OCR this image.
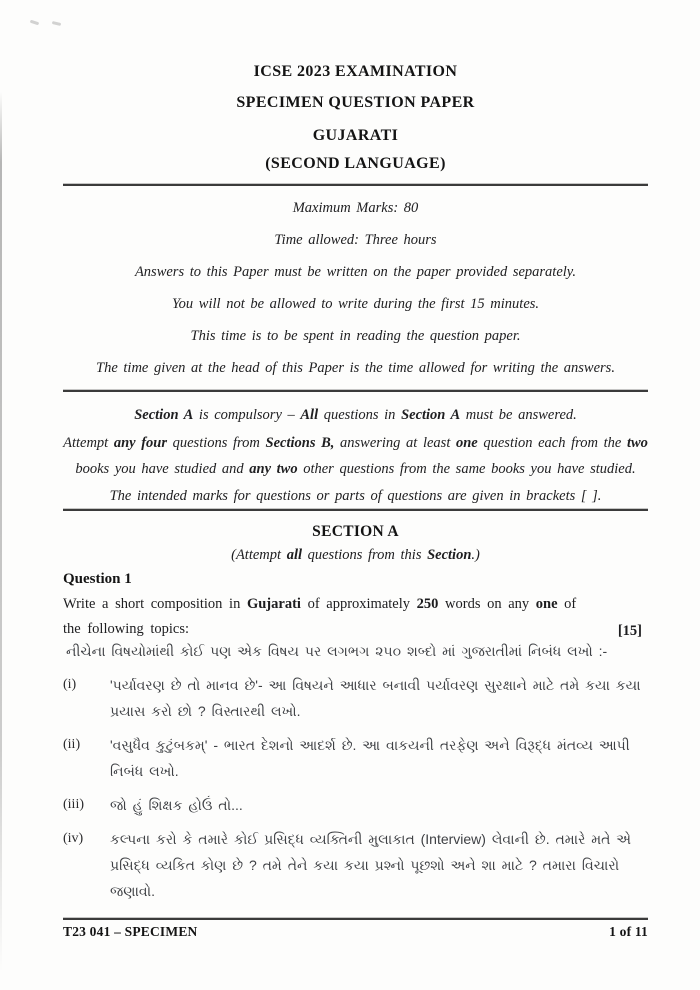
ICSE 2023 EXAMINATION
SPECIMEN QUESTION PAPER
GUJARATI
(SECOND LANGUAGE)

Maximum Marks: 80

Time allowed: Three hours

Answers to this Paper must be written on the paper provided separately.

You will not be allowed to write during the first 15 minutes.

This time is to be spent in reading the question paper.

The time given at the head of this Paper is the time allowed for writing the answers.

Section A is compulsory – All questions in Section A must be answered.

Attempt any four questions from Sections B, answering at least one question each from the two books you have studied and any two other questions from the same books you have studied.

The intended marks for questions or parts of questions are given in brackets [ ].

SECTION A
(Attempt all questions from this Section.)
Question 1

Write a short composition in Gujarati of approximately 250 words on any one of the following topics:	[15]

નીચેના વિષયોમાંથી કોઈ પણ એક વિષય પર લગભગ ૨૫૦ શબ્દો માં ગુજરાતીમાં નિબંધ લખો :-

(i) 'પર્યાવરણ છે તો માનવ છે'- આ વિષયને આધાર બનાવી પર્યાવરણ સુરક્ષાને માટે તમે કયા કયા પ્રયાસ કરો છો ? વિસ્તારથી લખો.
(ii) 'વસુધૈવ કુટુંબકમ્' - ભારત દેશનો આદર્શ છે. આ વાકયની તરફેણ અને વિરૂદ્ધ મંતવ્ય આપી નિબંધ લખો.
(iii) જો હું શિક્ષક હોઉં તો...
(iv) કલ્પના કરો કે તમારે કોઈ પ્રસિદ્ધ વ્યક્તિની મુલાકાત (Interview) લેવાની છે. તમારે મતે એ પ્રસિદ્ધ વ્યકિત કોણ છે ? તમે તેને કયા કયા પ્રશ્નો પૂછશો અને શા માટે ? તમારા વિચારો જણાવો.
T23 041 – SPECIMEN	1 of 11
